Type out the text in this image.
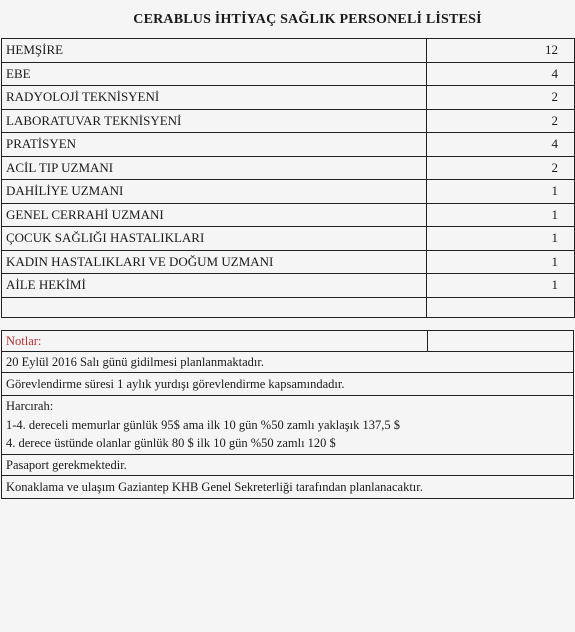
CERABLUS İHTİYAÇ SAĞLIK PERSONELİ LİSTESİ
HEMŞİRE	12
EBE	4
RADYOLOJİ TEKNİSYENİ	2
LABORATUVAR TEKNİSYENİ	2
PRATİSYEN	4
ACİL TIP UZMANI	2
DAHİLİYE UZMANI	1
GENEL CERRAHİ UZMANI	1
ÇOCUK SAĞLIĞI HASTALIKLARI	1
KADIN HASTALIKLARI VE DOĞUM UZMANI	1
AİLE HEKİMİ	1

Notlar:
20 Eylül 2016 Salı günü gidilmesi planlanmaktadır.
Görevlendirme süresi 1 aylık yurdışı görevlendirme kapsamındadır.
Harcırah:
1-4. dereceli memurlar günlük 95$ ama ilk 10 gün %50 zamlı yaklaşık 137,5 $
4. derece üstünde olanlar günlük 80 $ ilk 10 gün %50 zamlı 120 $
Pasaport gerekmektedir.
Konaklama ve ulaşım Gaziantep KHB Genel Sekreterliği tarafından planlanacaktır.
